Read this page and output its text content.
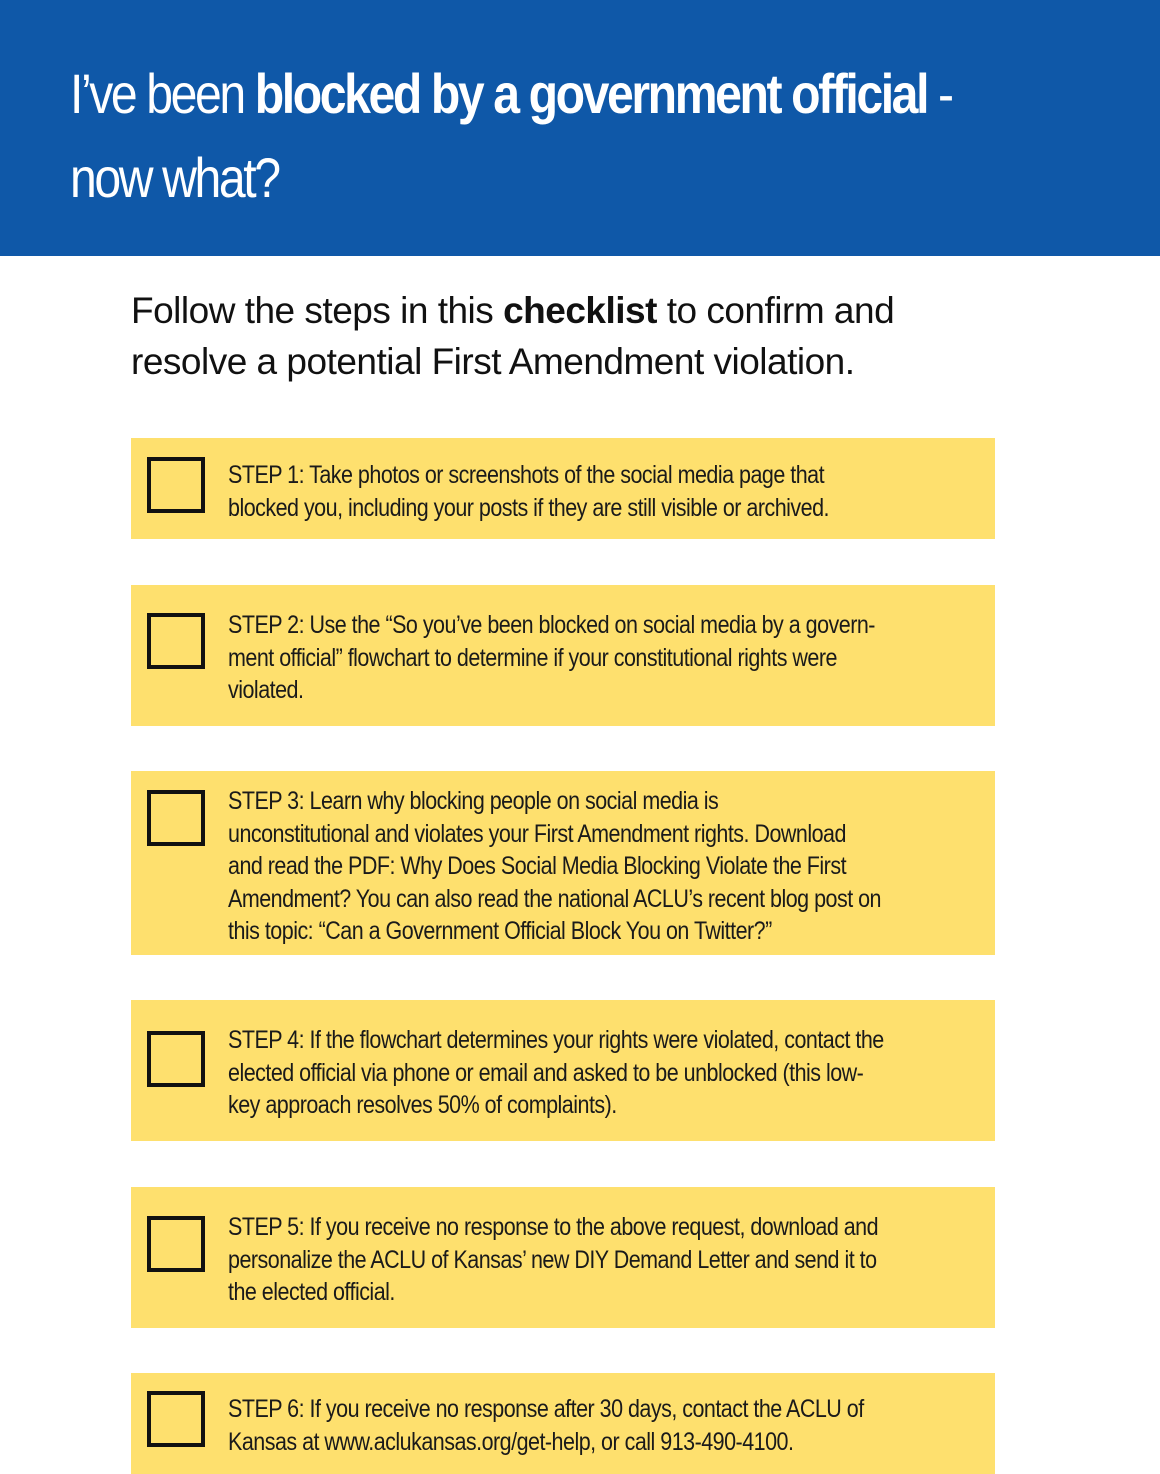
I’ve been blocked by a government official -
now what?

Follow the steps in this checklist to confirm and
resolve a potential First Amendment violation.

STEP 1: Take photos or screenshots of the social media page that
blocked you, including your posts if they are still visible or archived.

STEP 2: Use the “So you’ve been blocked on social media by a govern-
ment official” flowchart to determine if your constitutional rights were
violated.

STEP 3: Learn why blocking people on social media is
unconstitutional and violates your First Amendment rights. Download
and read the PDF: Why Does Social Media Blocking Violate the First
Amendment? You can also read the national ACLU’s recent blog post on
this topic: “Can a Government Official Block You on Twitter?”

STEP 4: If the flowchart determines your rights were violated, contact the
elected official via phone or email and asked to be unblocked (this low-
key approach resolves 50% of complaints).

STEP 5: If you receive no response to the above request, download and
personalize the ACLU of Kansas’ new DIY Demand Letter and send it to
the elected official.

STEP 6: If you receive no response after 30 days, contact the ACLU of
Kansas at www.aclukansas.org/get-help, or call 913-490-4100.
